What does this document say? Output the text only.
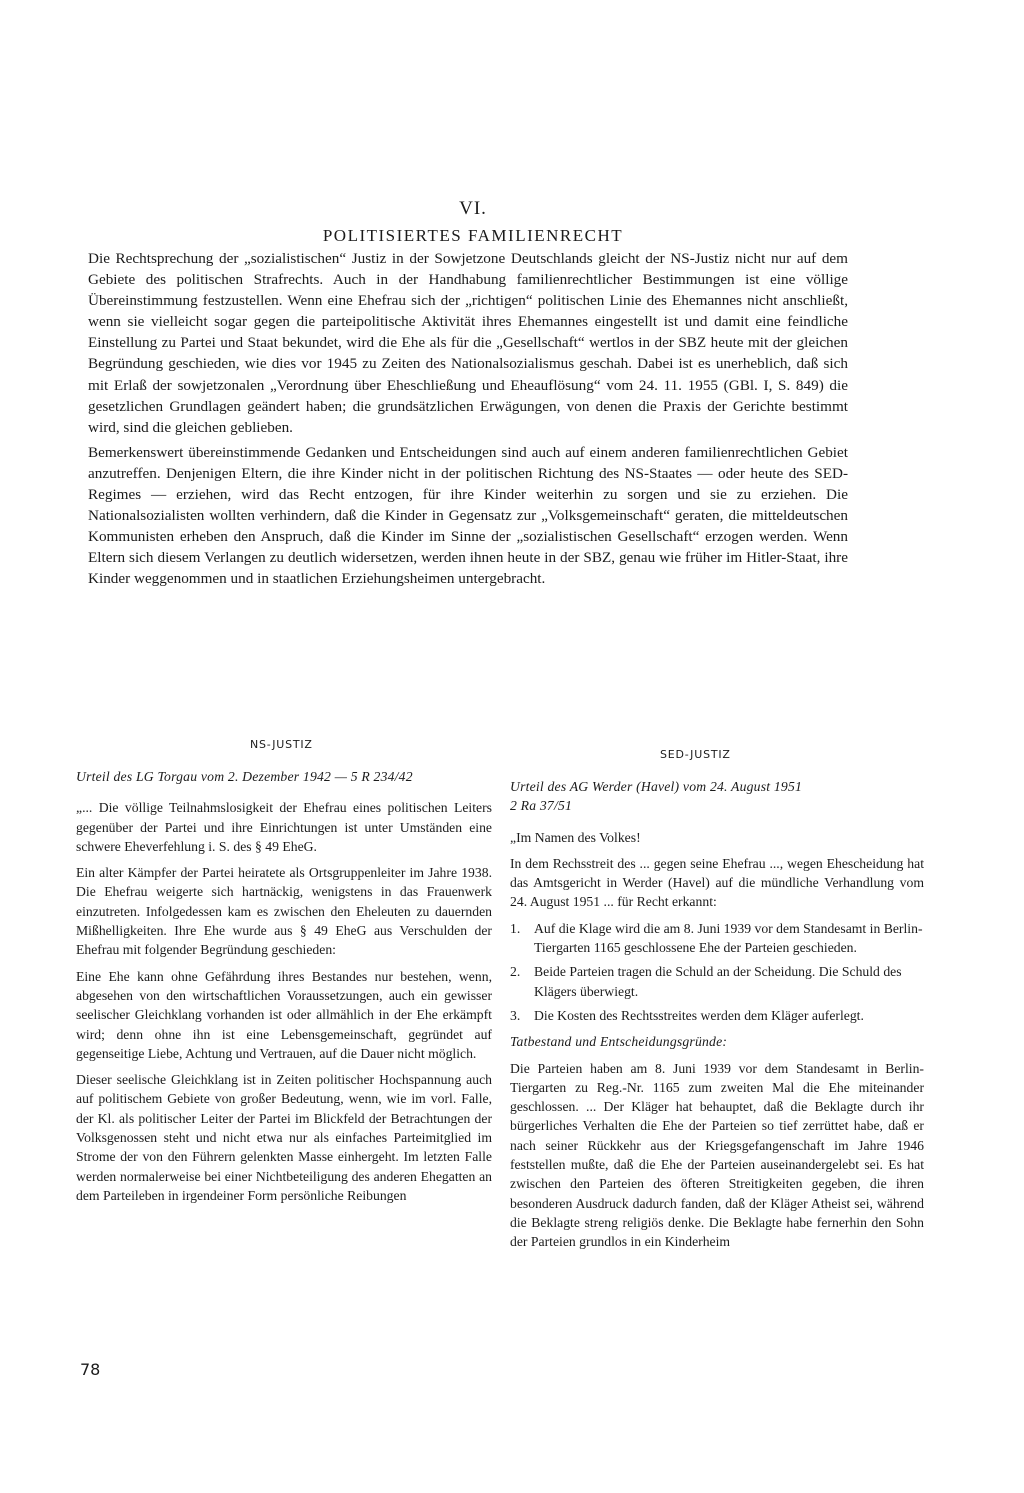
VI.
POLITISIERTES FAMILIENRECHT

Die Rechtsprechung der „sozialistischen“ Justiz in der Sowjetzone Deutschlands gleicht der NS-Justiz nicht nur auf dem Gebiete des politischen Strafrechts. Auch in der Handhabung familienrechtlicher Bestimmungen ist eine völlige Übereinstimmung festzustellen. Wenn eine Ehefrau sich der „richtigen“ politischen Linie des Ehemannes nicht anschließt, wenn sie vielleicht sogar gegen die parteipolitische Aktivität ihres Ehemannes eingestellt ist und damit eine feindliche Einstellung zu Partei und Staat bekundet, wird die Ehe als für die „Gesellschaft“ wertlos in der SBZ heute mit der gleichen Begründung geschieden, wie dies vor 1945 zu Zeiten des Nationalsozialismus geschah. Dabei ist es unerheblich, daß sich mit Erlaß der sowjetzonalen „Verordnung über Eheschließung und Eheauflösung“ vom 24. 11. 1955 (GBl. I, S. 849) die gesetzlichen Grundlagen geändert haben; die grundsätzlichen Erwägungen, von denen die Praxis der Gerichte bestimmt wird, sind die gleichen geblieben.

Bemerkenswert übereinstimmende Gedanken und Entscheidungen sind auch auf einem anderen familienrechtlichen Gebiet anzutreffen. Denjenigen Eltern, die ihre Kinder nicht in der politischen Richtung des NS-Staates — oder heute des SED-Regimes — erziehen, wird das Recht entzogen, für ihre Kinder weiterhin zu sorgen und sie zu erziehen. Die Nationalsozialisten wollten verhindern, daß die Kinder in Gegensatz zur „Volksgemeinschaft“ geraten, die mitteldeutschen Kommunisten erheben den Anspruch, daß die Kinder im Sinne der „sozialistischen Gesellschaft“ erzogen werden. Wenn Eltern sich diesem Verlangen zu deutlich widersetzen, werden ihnen heute in der SBZ, genau wie früher im Hitler-Staat, ihre Kinder weggenommen und in staatlichen Erziehungsheimen untergebracht.

NS-JUSTIZ
SED-JUSTIZ

Urteil des LG Torgau vom 2. Dezember 1942 — 5 R 234/42

„... Die völlige Teilnahmslosigkeit der Ehefrau eines politischen Leiters gegenüber der Partei und ihre Einrichtungen ist unter Umständen eine schwere Eheverfehlung i. S. des § 49 EheG.

Ein alter Kämpfer der Partei heiratete als Ortsgruppenleiter im Jahre 1938. Die Ehefrau weigerte sich hartnäckig, wenigstens in das Frauenwerk einzutreten. Infolgedessen kam es zwischen den Eheleuten zu dauernden Mißhelligkeiten. Ihre Ehe wurde aus § 49 EheG aus Verschulden der Ehefrau mit folgender Begründung geschieden:

Eine Ehe kann ohne Gefährdung ihres Bestandes nur bestehen, wenn, abgesehen von den wirtschaftlichen Voraussetzungen, auch ein gewisser seelischer Gleichklang vorhanden ist oder allmählich in der Ehe erkämpft wird; denn ohne ihn ist eine Lebensgemeinschaft, gegründet auf gegenseitige Liebe, Achtung und Vertrauen, auf die Dauer nicht möglich.

Dieser seelische Gleichklang ist in Zeiten politischer Hochspannung auch auf politischem Gebiete von großer Bedeutung, wenn, wie im vorl. Falle, der Kl. als politischer Leiter der Partei im Blickfeld der Betrachtungen der Volksgenossen steht und nicht etwa nur als einfaches Parteimitglied im Strome der von den Führern gelenkten Masse einhergeht. Im letzten Falle werden normalerweise bei einer Nichtbeteiligung des anderen Ehegatten an dem Parteileben in irgendeiner Form persönliche Reibungen

Urteil des AG Werder (Havel) vom 24. August 1951
2 Ra 37/51

„Im Namen des Volkes!

In dem Rechsstreit des ... gegen seine Ehefrau ..., wegen Ehescheidung hat das Amtsgericht in Werder (Havel) auf die mündliche Verhandlung vom 24. August 1951 ... für Recht erkannt:

1.	Auf die Klage wird die am 8. Juni 1939 vor dem Standesamt in Berlin-Tiergarten 1165 geschlossene Ehe der Parteien geschieden.
2.	Beide Parteien tragen die Schuld an der Scheidung. Die Schuld des Klägers überwiegt.
3.	Die Kosten des Rechtsstreites werden dem Kläger auferlegt.

Tatbestand und Entscheidungsgründe:

Die Parteien haben am 8. Juni 1939 vor dem Standesamt in Berlin-Tiergarten zu Reg.-Nr. 1165 zum zweiten Mal die Ehe miteinander geschlossen. ... Der Kläger hat behauptet, daß die Beklagte durch ihr bürgerliches Verhalten die Ehe der Parteien so tief zerrüttet habe, daß er nach seiner Rückkehr aus der Kriegsgefangenschaft im Jahre 1946 feststellen mußte, daß die Ehe der Parteien auseinandergelebt sei. Es hat zwischen den Parteien des öfteren Streitigkeiten gegeben, die ihren besonderen Ausdruck dadurch fanden, daß der Kläger Atheist sei, während die Beklagte streng religiös denke. Die Beklagte habe fernerhin den Sohn der Parteien grundlos in ein Kinderheim

78
